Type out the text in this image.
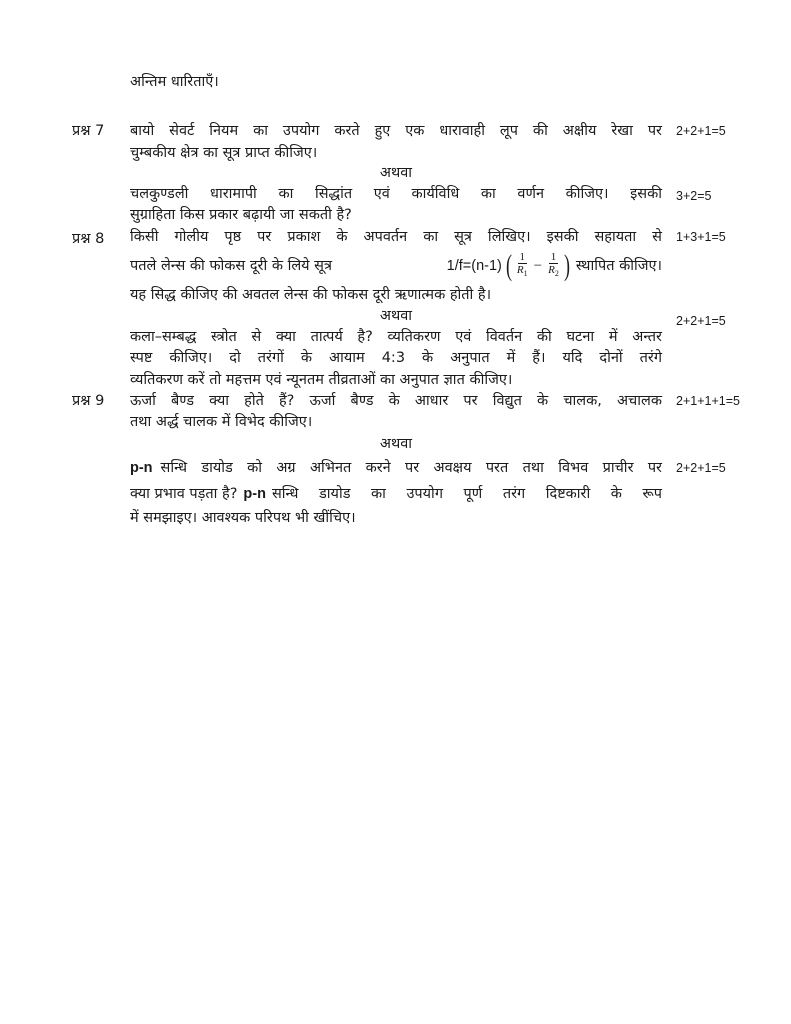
अन्तिम धारिताएँ।
प्रश्न 7 बायो सेवर्ट नियम का उपयोग करते हुए एक धारावाही लूप की अक्षीय रेखा पर 2+2+1=5
चुम्बकीय क्षेत्र का सूत्र प्राप्त कीजिए।
अथवा
चलकुण्डली धारामापी का सिद्धांत एवं कार्यविधि का वर्णन कीजिए। इसकी 3+2=5
सुग्राहिता किस प्रकार बढ़ायी जा सकती है?
प्रश्न 8 किसी गोलीय पृष्ठ पर प्रकाश के अपवर्तन का सूत्र लिखिए। इसकी सहायता से 1+3+1=5
पतले लेन्स की फोकस दूरी के लिये सूत्र	1/f=(n-1) ( $\frac{1}{R_1} - \frac{1}{R_2}$ ) स्थापित कीजिए।
यह सिद्ध कीजिए की अवतल लेन्स की फोकस दूरी ऋणात्मक होती है।
अथवा	2+2+1=5
कला–सम्बद्ध स्त्रोत से क्या तात्पर्य है? व्यतिकरण एवं विवर्तन की घटना में अन्तर
स्पष्ट कीजिए। दो तरंगों के आयाम 4:3 के अनुपात में हैं। यदि दोनों तरंगे
व्यतिकरण करें तो महत्तम एवं न्यूनतम तीव्रताओं का अनुपात ज्ञात कीजिए।
प्रश्न 9 ऊर्जा बैण्ड क्या होते हैं? ऊर्जा बैण्ड के आधार पर विद्युत के चालक, अचालक 2+1+1+1=5
तथा अर्द्ध चालक में विभेद कीजिए।
अथवा
p-n सन्धि डायोड को अग्र अभिनत करने पर अवक्षय परत तथा विभव प्राचीर पर 2+2+1=5
क्या प्रभाव पड़ता है? p-n सन्धि डायोड का उपयोग पूर्ण तरंग दिष्टकारी के रूप
में समझाइए। आवश्यक परिपथ भी खींचिए।
